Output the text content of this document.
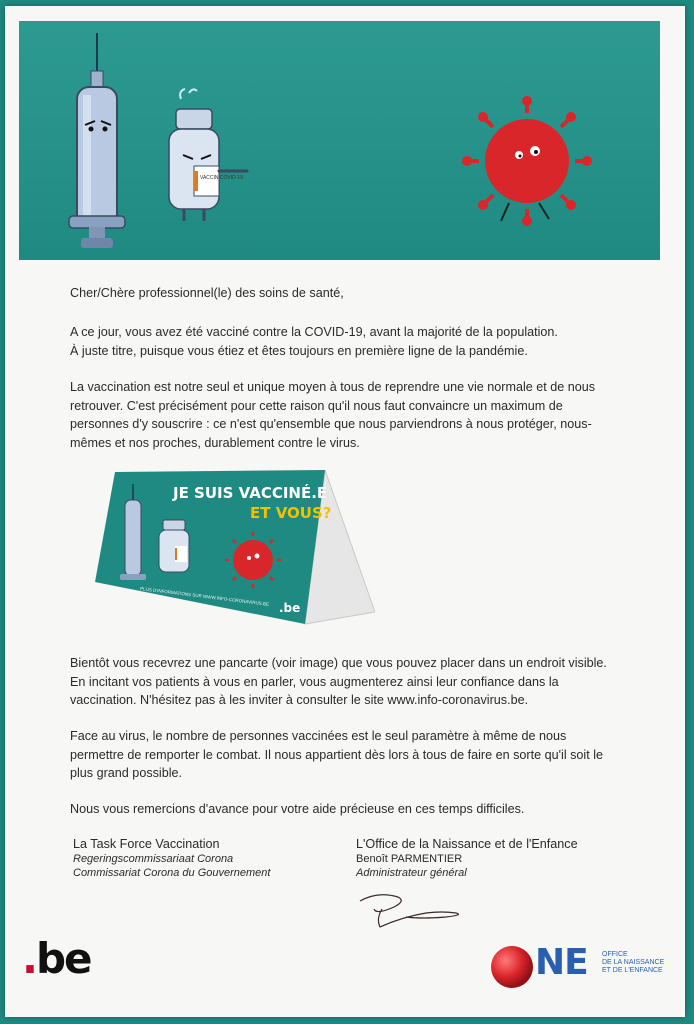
VACCIN COVID-19

Cher/Chère professionnel(le) des soins de santé,

A ce jour, vous avez été vacciné contre la COVID-19, avant la majorité de la population.

À juste titre, puisque vous étiez et êtes toujours en première ligne de la pandémie.

La vaccination est notre seul et unique moyen à tous de reprendre une vie normale et de nous retrouver. C'est précisément pour cette raison qu'il nous faut convaincre un maximum de personnes d'y souscrire : ce n'est qu'ensemble que nous parviendrons à nous protéger, nous-mêmes et nos proches, durablement contre le virus.

JE SUIS VACCINÉ.E
ET VOUS?
PLUS D'INFORMATIONS SUR WWW.INFO-CORONAVIRUS.BE
.be

Bientôt vous recevrez une pancarte (voir image) que vous pouvez placer dans un endroit visible. En incitant vos patients à vous en parler, vous augmenterez ainsi leur confiance dans la vaccination. N'hésitez pas à les inviter à consulter le site www.info-coronavirus.be.

Face au virus, le nombre de personnes vaccinées est le seul paramètre à même de nous permettre de remporter le combat. Il nous appartient dès lors à tous de faire en sorte qu'il soit le plus grand possible.

Nous vous remercions d'avance pour votre aide précieuse en ces temps difficiles.

La Task Force Vaccination
Regeringscommissariaat Corona
Commissariat Corona du Gouvernement
L'Office de la Naissance et de l'Enfance
Benoît PARMENTIER
Administrateur général
.be	NE OFFICE
DE LA NAISSANCE
ET DE L'ENFANCE
